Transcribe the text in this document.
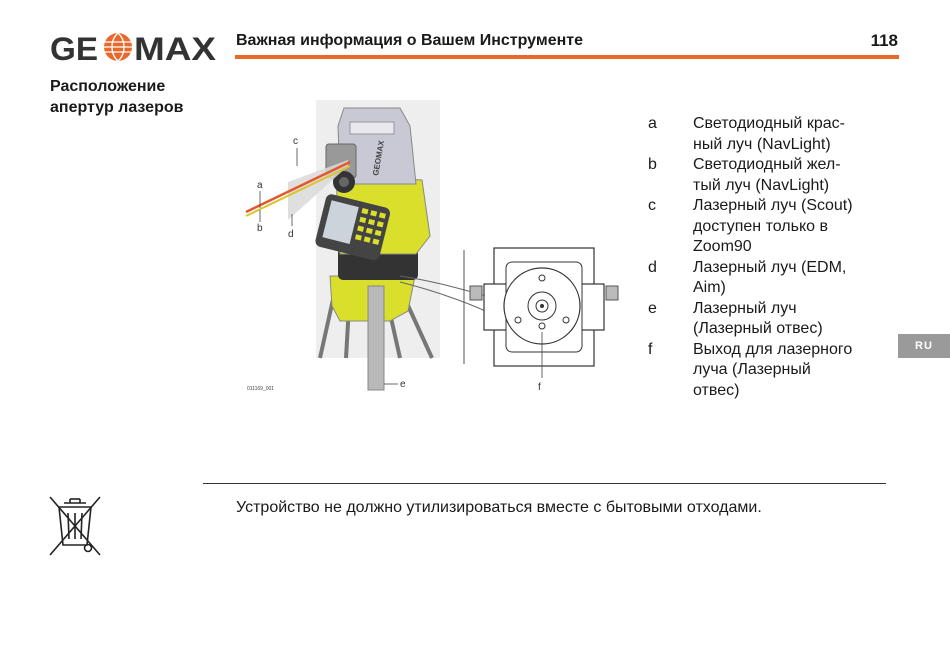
GE MAX Важная информация о Вашем Инструменте	118
Расположение апертур лазеров
GEOMAX
c
a
b
d
e	f
011169_001
a	Светодиодный крас-
ный луч (NavLight)
b	Светодиодный жел-
тый луч (NavLight)
c	Лазерный луч (Scout)
доступен только в
Zoom90
d	Лазерный луч (EDM,
Aim)
e	Лазерный луч
(Лазерный отвес)
f	Выход для лазерного
луча (Лазерный
отвес)
RU
Устройство не должно утилизироваться вместе с бытовыми отходами.
